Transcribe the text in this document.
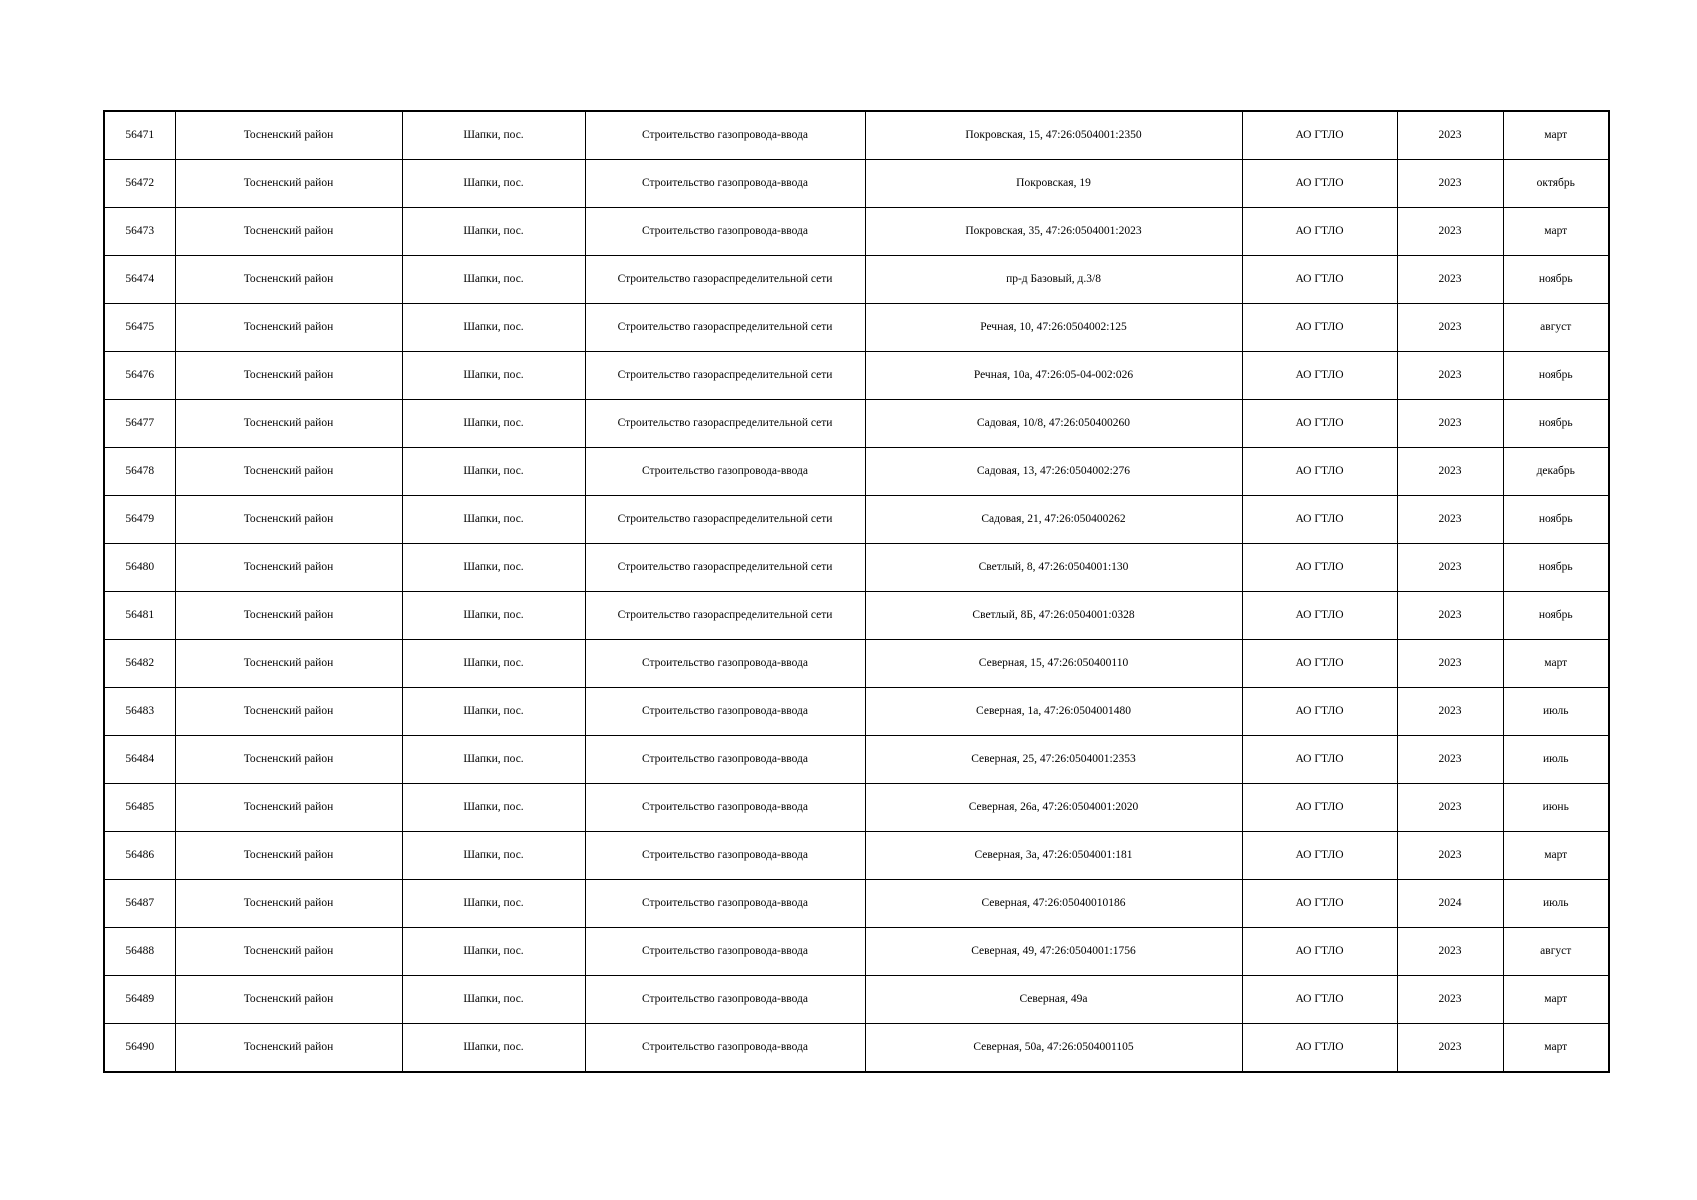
56471	Тосненский район	Шапки, пос.	Строительство газопровода-ввода	Покровская, 15, 47:26:0504001:2350	АО ГТЛО	2023	март
56472	Тосненский район	Шапки, пос.	Строительство газопровода-ввода	Покровская, 19	АО ГТЛО	2023	октябрь
56473	Тосненский район	Шапки, пос.	Строительство газопровода-ввода	Покровская, 35, 47:26:0504001:2023	АО ГТЛО	2023	март
56474	Тосненский район	Шапки, пос.	Строительство газораспределительной сети	пр-д Базовый, д.3/8	АО ГТЛО	2023	ноябрь
56475	Тосненский район	Шапки, пос.	Строительство газораспределительной сети	Речная, 10, 47:26:0504002:125	АО ГТЛО	2023	август
56476	Тосненский район	Шапки, пос.	Строительство газораспределительной сети	Речная, 10а, 47:26:05-04-002:026	АО ГТЛО	2023	ноябрь
56477	Тосненский район	Шапки, пос.	Строительство газораспределительной сети	Садовая, 10/8, 47:26:050400260	АО ГТЛО	2023	ноябрь
56478	Тосненский район	Шапки, пос.	Строительство газопровода-ввода	Садовая, 13, 47:26:0504002:276	АО ГТЛО	2023	декабрь
56479	Тосненский район	Шапки, пос.	Строительство газораспределительной сети	Садовая, 21, 47:26:050400262	АО ГТЛО	2023	ноябрь
56480	Тосненский район	Шапки, пос.	Строительство газораспределительной сети	Светлый, 8, 47:26:0504001:130	АО ГТЛО	2023	ноябрь
56481	Тосненский район	Шапки, пос.	Строительство газораспределительной сети	Светлый, 8Б, 47:26:0504001:0328	АО ГТЛО	2023	ноябрь
56482	Тосненский район	Шапки, пос.	Строительство газопровода-ввода	Северная, 15, 47:26:050400110	АО ГТЛО	2023	март
56483	Тосненский район	Шапки, пос.	Строительство газопровода-ввода	Северная, 1а, 47:26:0504001480	АО ГТЛО	2023	июль
56484	Тосненский район	Шапки, пос.	Строительство газопровода-ввода	Северная, 25, 47:26:0504001:2353	АО ГТЛО	2023	июль
56485	Тосненский район	Шапки, пос.	Строительство газопровода-ввода	Северная, 26а, 47:26:0504001:2020	АО ГТЛО	2023	июнь
56486	Тосненский район	Шапки, пос.	Строительство газопровода-ввода	Северная, 3а, 47:26:0504001:181	АО ГТЛО	2023	март
56487	Тосненский район	Шапки, пос.	Строительство газопровода-ввода	Северная, 47:26:05040010186	АО ГТЛО	2024	июль
56488	Тосненский район	Шапки, пос.	Строительство газопровода-ввода	Северная, 49, 47:26:0504001:1756	АО ГТЛО	2023	август
56489	Тосненский район	Шапки, пос.	Строительство газопровода-ввода	Северная, 49а	АО ГТЛО	2023	март
56490	Тосненский район	Шапки, пос.	Строительство газопровода-ввода	Северная, 50а, 47:26:0504001105	АО ГТЛО	2023	март
